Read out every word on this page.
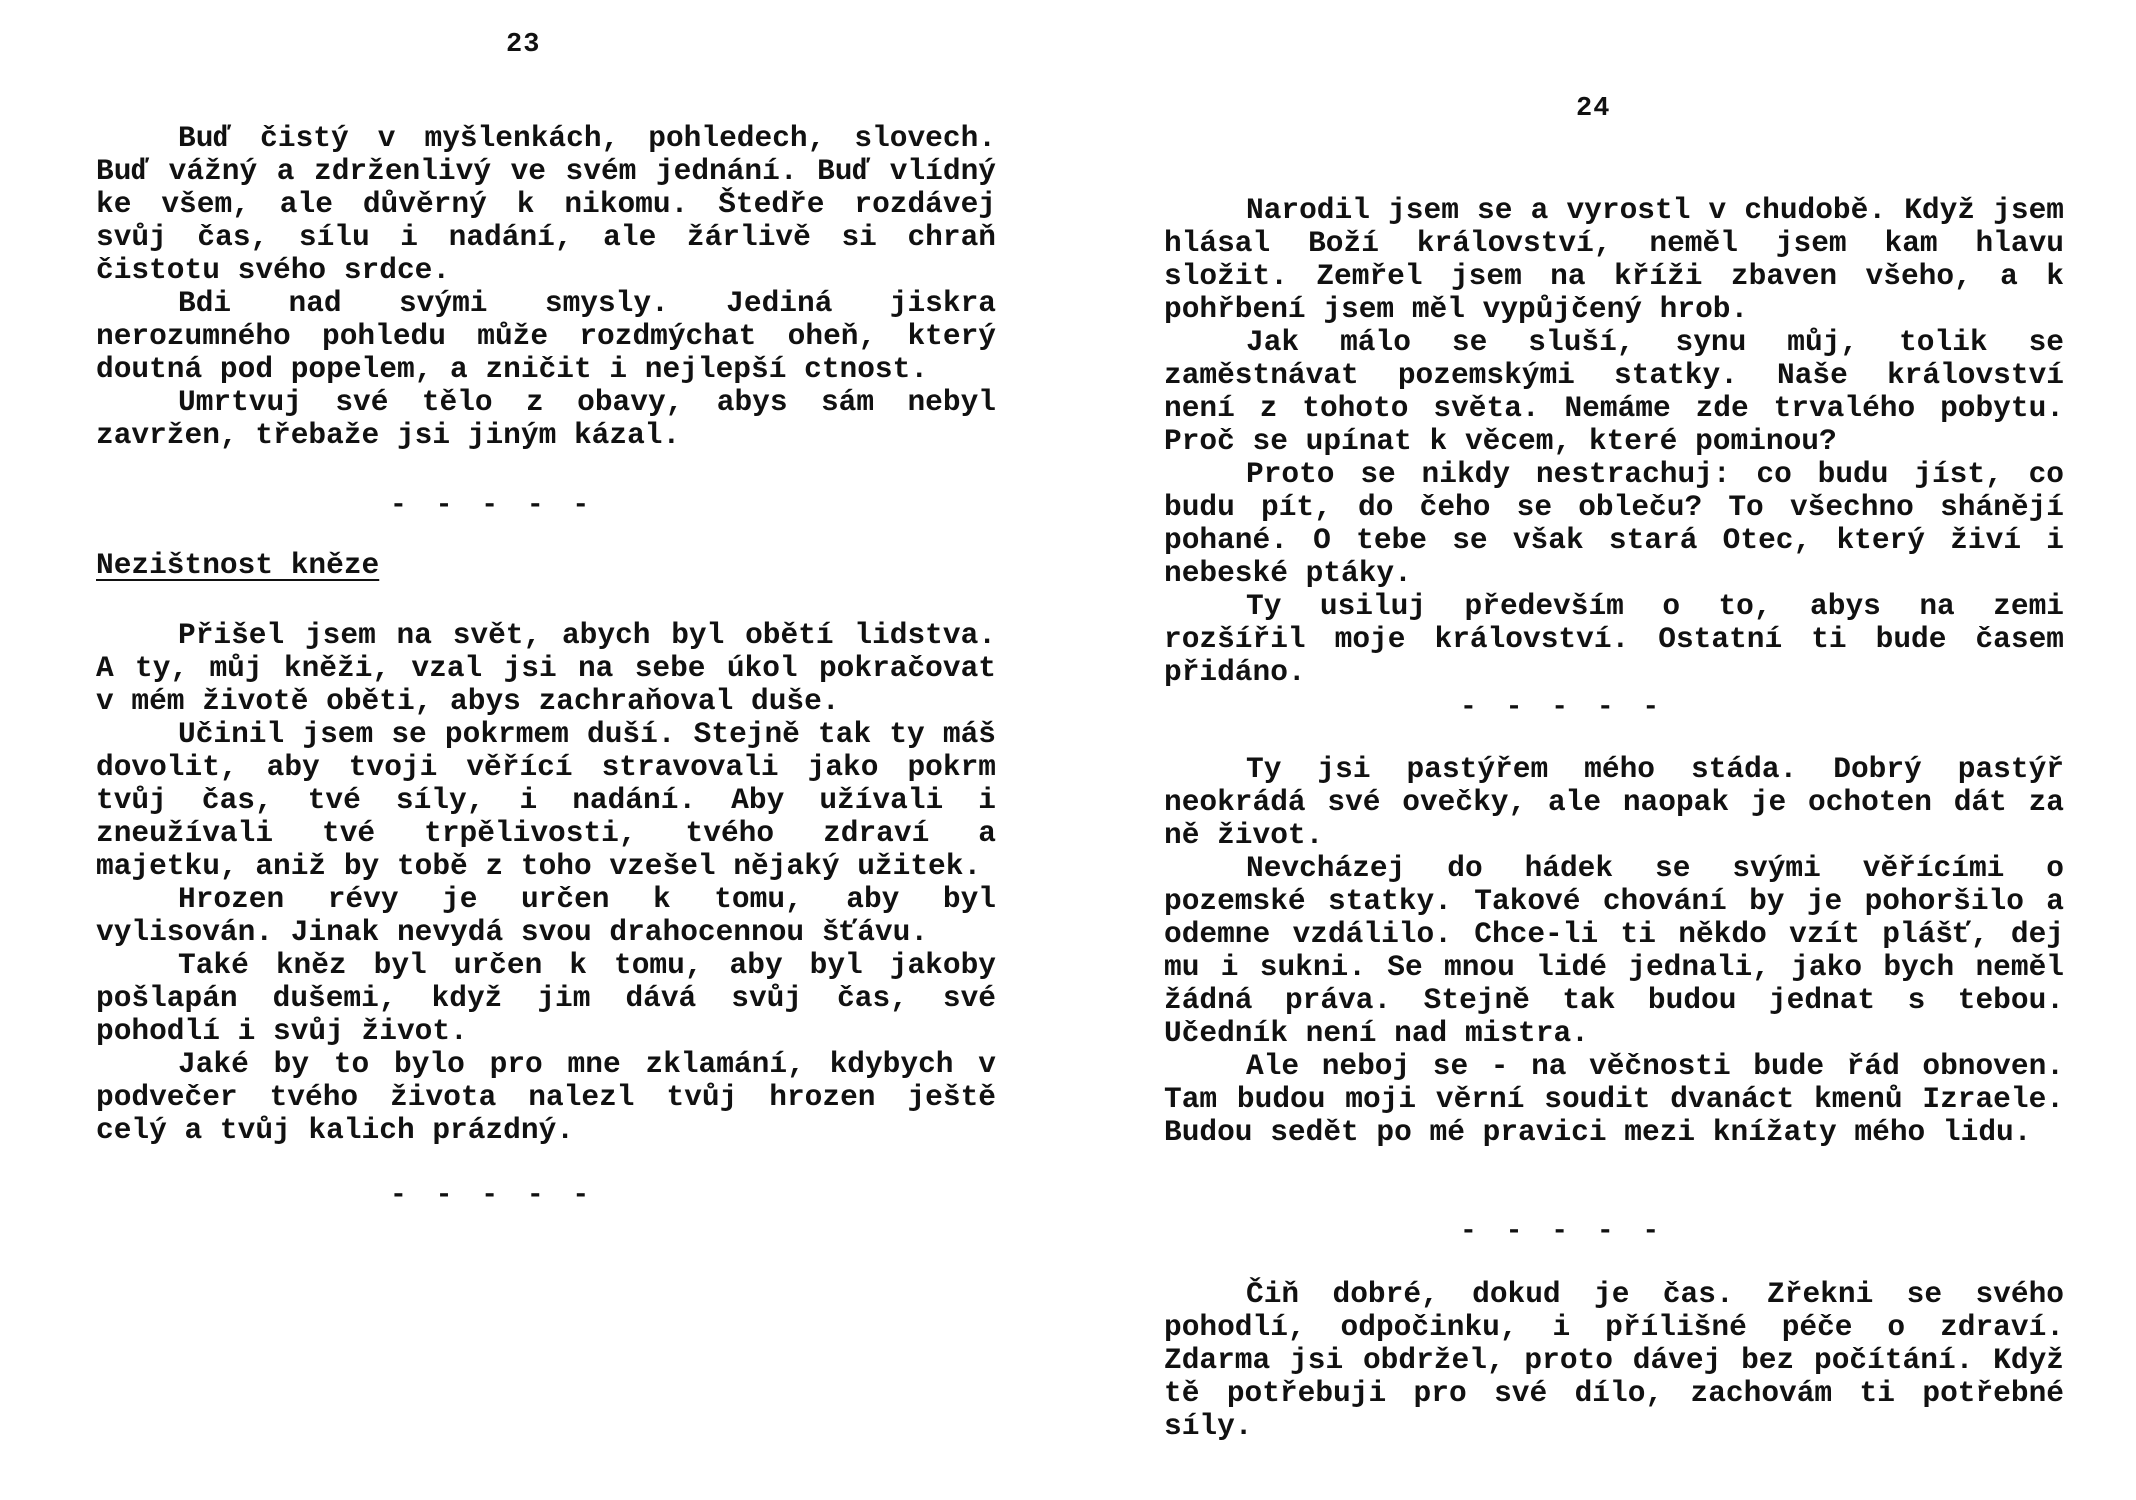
23

Buď čistý v myšlenkách, pohledech, slovech. Buď vážný a zdrženlivý ve svém jednání. Buď vlídný ke všem, ale důvěrný k nikomu. Štedře rozdávej svůj čas, sílu i nadání, ale žárlivě si chraň čistotu svého srdce.

Bdi nad svými smysly. Jediná jiskra nerozumného pohledu může rozdmýchat oheň, který doutná pod popelem, a zničit i nejlepší ctnost.

Umrtvuj své tělo z obavy, abys sám nebyl zavržen, třebaže jsi jiným kázal.

- - - - -
Nezištnost kněze

Přišel jsem na svět, abych byl obětí lidstva. A ty, můj kněži, vzal jsi na sebe úkol pokračovat v mém životě oběti, abys zachraňoval duše.

Učinil jsem se pokrmem duší. Stejně tak ty máš dovolit, aby tvoji věřící stravovali jako pokrm tvůj čas, tvé síly, i nadání. Aby užívali i zneužívali tvé trpělivosti, tvého zdraví a majetku, aniž by tobě z toho vzešel nějaký užitek.

Hrozen révy je určen k tomu, aby byl vylisován. Jinak nevydá svou drahocennou šťávu.

Také kněz byl určen k tomu, aby byl jakoby pošlapán dušemi, když jim dává svůj čas, své pohodlí i svůj život.

Jaké by to bylo pro mne zklamání, kdybych v podvečer tvého života nalezl tvůj hrozen ještě celý a tvůj kalich prázdný.

- - - - -
24

Narodil jsem se a vyrostl v chudobě. Když jsem hlásal Boží království, neměl jsem kam hlavu složit. Zemřel jsem na kříži zbaven všeho, a k pohřbení jsem měl vypůjčený hrob.

Jak málo se sluší, synu můj, tolik se zaměstnávat pozemskými statky. Naše království není z tohoto světa. Nemáme zde trvalého pobytu. Proč se upínat k věcem, které pominou?

Proto se nikdy nestrachuj: co budu jíst, co budu pít, do čeho se obleču? To všechno shánějí pohané. O tebe se však stará Otec, který živí i nebeské ptáky.

Ty usiluj především o to, abys na zemi rozšířil moje království. Ostatní ti bude časem přidáno.

- - - - -

Ty jsi pastýřem mého stáda. Dobrý pastýř neokrádá své ovečky, ale naopak je ochoten dát za ně život.

Nevcházej do hádek se svými věřícími o pozemské statky. Takové chování by je pohoršilo a odemne vzdálilo. Chce-li ti někdo vzít plášť, dej mu i sukni. Se mnou lidé jednali, jako bych neměl žádná práva. Stejně tak budou jednat s tebou. Učedník není nad mistra.

Ale neboj se - na věčnosti bude řád obnoven. Tam budou moji věrní soudit dvanáct kmenů Izraele. Budou sedět po mé pravici mezi knížaty mého lidu.

- - - - -

Čiň dobré, dokud je čas. Zřekni se svého pohodlí, odpočinku, i přílišné péče o zdraví. Zdarma jsi obdržel, proto dávej bez počítání. Když tě potřebuji pro své dílo, zachovám ti potřebné síly.
